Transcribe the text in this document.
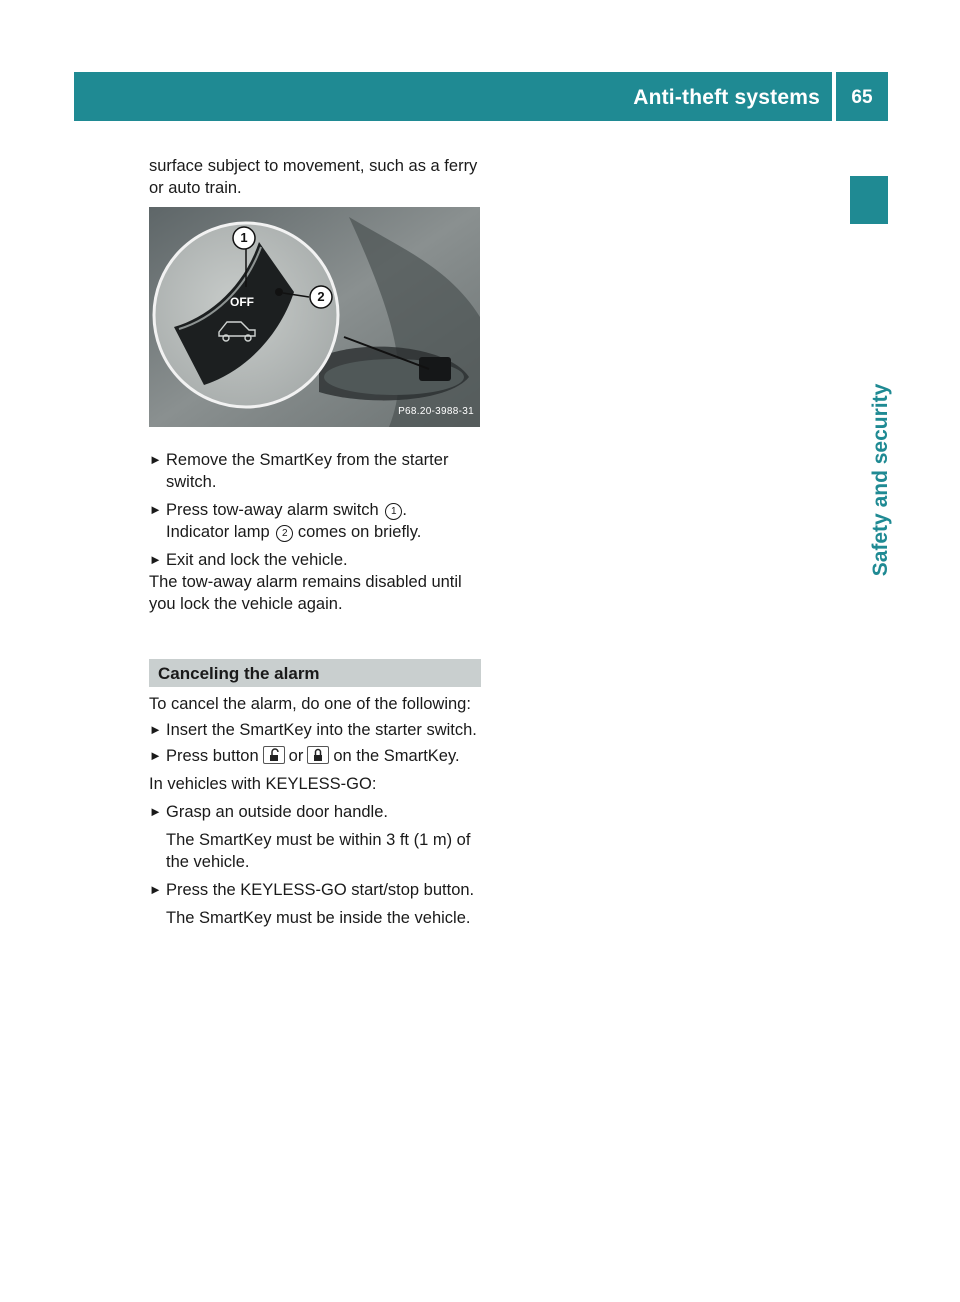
Anti-theft systems	65
Safety and security

surface subject to movement, such as a ferry or auto train.

1
2
OFF
P68.20-3988-31

► Remove the SmartKey from the starter switch.

► Press tow-away alarm switch 1 .

Indicator lamp 2 comes on briefly.

► Exit and lock the vehicle.

The tow-away alarm remains disabled until you lock the vehicle again.

Canceling the alarm

To cancel the alarm, do one of the following:

► Insert the SmartKey into the starter switch.

► Press button or on the SmartKey.

In vehicles with KEYLESS-GO:

► Grasp an outside door handle.

The SmartKey must be within 3 ft (1 m) of the vehicle.

► Press the KEYLESS-GO start/stop button.

The SmartKey must be inside the vehicle.
